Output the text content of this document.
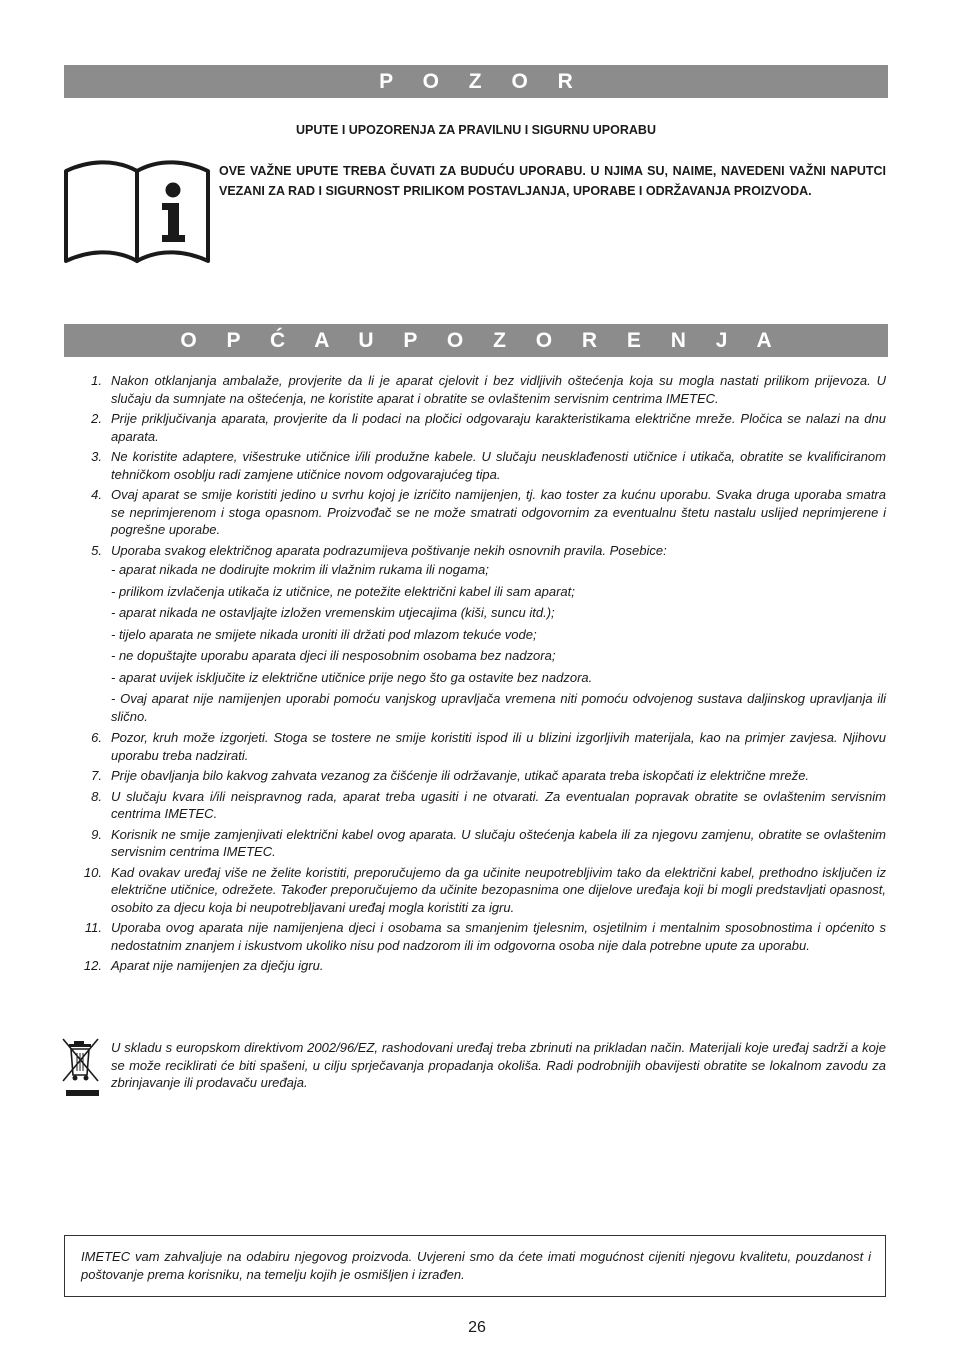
P O Z O R
UPUTE I UPOZORENJA ZA PRAVILNU I SIGURNU UPORABU
OVE VAŽNE UPUTE TREBA ČUVATI ZA BUDUĆU UPORABU. U NJIMA SU, NAIME, NAVEDENI VAŽNI NAPUTCI VEZANI ZA RAD I SIGURNOST PRILIKOM POSTAVLJANJA, UPORABE I ODRŽAVANJA PROIZVODA.
O P Ć A U P O Z O R E N J A
1. Nakon otklanjanja ambalaže, provjerite da li je aparat cjelovit i bez vidljivih oštećenja koja su mogla nastati prilikom prijevoza. U slučaju da sumnjate na oštećenja, ne koristite aparat i obratite se ovlaštenim servisnim centrima IMETEC.
2. Prije priključivanja aparata, provjerite da li podaci na pločici odgovaraju karakteristikama električne mreže. Pločica se nalazi na dnu aparata.
3. Ne koristite adaptere, višestruke utičnice i/ili produžne kabele. U slučaju neusklađenosti utičnice i utikača, obratite se kvalificiranom tehničkom osoblju radi zamjene utičnice novom odgovarajućeg tipa.
4. Ovaj aparat se smije koristiti jedino u svrhu kojoj je izričito namijenjen, tj. kao toster za kućnu uporabu. Svaka druga uporaba smatra se neprimjerenom i stoga opasnom. Proizvođač se ne može smatrati odgovornim za eventualnu štetu nastalu uslijed neprimjerene i pogrešne uporabe.
5. Uporaba svakog električnog aparata podrazumijeva poštivanje nekih osnovnih pravila. Posebice:
- aparat nikada ne dodirujte mokrim ili vlažnim rukama ili nogama;
- prilikom izvlačenja utikača iz utičnice, ne potežite električni kabel ili sam aparat;
- aparat nikada ne ostavljajte izložen vremenskim utjecajima (kiši, suncu itd.);
- tijelo aparata ne smijete nikada uroniti ili držati pod mlazom tekuće vode;
- ne dopuštajte uporabu aparata djeci ili nesposobnim osobama bez nadzora;
- aparat uvijek isključite iz električne utičnice prije nego što ga ostavite bez nadzora.
- Ovaj aparat nije namijenjen uporabi pomoću vanjskog upravljača vremena niti pomoću odvojenog sustava daljinskog upravljanja ili slično.
6. Pozor, kruh može izgorjeti. Stoga se tostere ne smije koristiti ispod ili u blizini izgorljivih materijala, kao na primjer zavjesa. Njihovu uporabu treba nadzirati.
7. Prije obavljanja bilo kakvog zahvata vezanog za čišćenje ili održavanje, utikač aparata treba iskopčati iz električne mreže.
8. U slučaju kvara i/ili neispravnog rada, aparat treba ugasiti i ne otvarati. Za eventualan popravak obratite se ovlaštenim servisnim centrima IMETEC.
9. Korisnik ne smije zamjenjivati električni kabel ovog aparata. U slučaju oštećenja kabela ili za njegovu zamjenu, obratite se ovlaštenim servisnim centrima IMETEC.
10. Kad ovakav uređaj više ne želite koristiti, preporučujemo da ga učinite neupotrebljivim tako da električni kabel, prethodno isključen iz električne utičnice, odrežete. Također preporučujemo da učinite bezopasnima one dijelove uređaja koji bi mogli predstavljati opasnost, osobito za djecu koja bi neupotrebljavani uređaj mogla koristiti za igru.
11. Uporaba ovog aparata nije namijenjena djeci i osobama sa smanjenim tjelesnim, osjetilnim i mentalnim sposobnostima i općenito s nedostatnim znanjem i iskustvom ukoliko nisu pod nadzorom ili im odgovorna osoba nije dala potrebne upute za uporabu.
12. Aparat nije namijenjen za dječju igru.
U skladu s europskom direktivom 2002/96/EZ, rashodovani uređaj treba zbrinuti na prikladan način. Materijali koje uređaj sadrži a koje se može reciklirati će biti spašeni, u cilju sprječavanja propadanja okoliša. Radi podrobnijih obavijesti obratite se lokalnom zavodu za zbrinjavanje ili prodavaču uređaja.
IMETEC vam zahvaljuje na odabiru njegovog proizvoda. Uvjereni smo da ćete imati mogućnost cijeniti njegovu kvalitetu, pouzdanost i poštovanje prema korisniku, na temelju kojih je osmišljen i izrađen.
26
